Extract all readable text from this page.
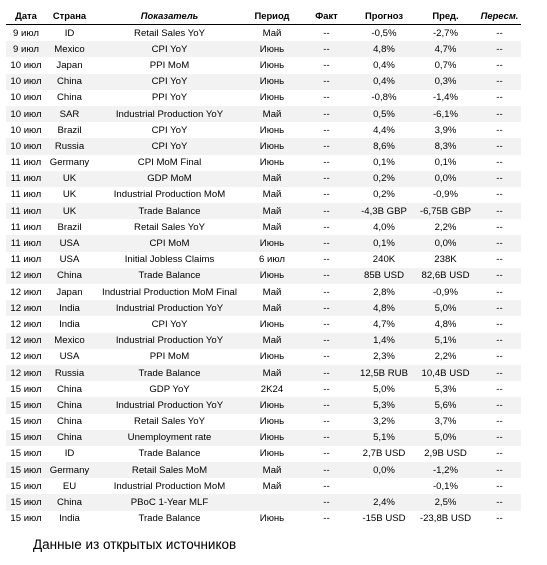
Дата	Страна	Показатель	Период	Факт	Прогноз	Пред.	Пересм.
9 июл	ID	Retail Sales YoY	Май	--	-0,5%	-2,7%	--
9 июл	Mexico	CPI YoY	Июнь	--	4,8%	4,7%	--
10 июл	Japan	PPI MoM	Июнь	--	0,4%	0,7%	--
10 июл	China	CPI YoY	Июнь	--	0,4%	0,3%	--
10 июл	China	PPI YoY	Июнь	--	-0,8%	-1,4%	--
10 июл	SAR	Industrial Production YoY	Май	--	0,5%	-6,1%	--
10 июл	Brazil	CPI YoY	Июнь	--	4,4%	3,9%	--
10 июл	Russia	CPI YoY	Июнь	--	8,6%	8,3%	--
11 июл	Germany	CPI MoM Final	Июнь	--	0,1%	0,1%	--
11 июл	UK	GDP MoM	Май	--	0,2%	0,0%	--
11 июл	UK	Industrial Production MoM	Май	--	0,2%	-0,9%	--
11 июл	UK	Trade Balance	Май	--	-4,3B GBP	-6,75B GBP	--
11 июл	Brazil	Retail Sales YoY	Май	--	4,0%	2,2%	--
11 июл	USA	CPI MoM	Июнь	--	0,1%	0,0%	--
11 июл	USA	Initial Jobless Claims	6 июл	--	240K	238K	--
12 июл	China	Trade Balance	Июнь	--	85B USD	82,6B USD	--
12 июл	Japan	Industrial Production MoM Final	Май	--	2,8%	-0,9%	--
12 июл	India	Industrial Production YoY	Май	--	4,8%	5,0%	--
12 июл	India	CPI YoY	Июнь	--	4,7%	4,8%	--
12 июл	Mexico	Industrial Production YoY	Май	--	1,4%	5,1%	--
12 июл	USA	PPI MoM	Июнь	--	2,3%	2,2%	--
12 июл	Russia	Trade Balance	Май	--	12,5B RUB	10,4B USD	--
15 июл	China	GDP YoY	2K24	--	5,0%	5,3%	--
15 июл	China	Industrial Production YoY	Июнь	--	5,3%	5,6%	--
15 июл	China	Retail Sales YoY	Июнь	--	3,2%	3,7%	--
15 июл	China	Unemployment rate	Июнь	--	5,1%	5,0%	--
15 июл	ID	Trade Balance	Июнь	--	2,7B USD	2,9B USD	--
15 июл	Germany	Retail Sales MoM	Май	--	0,0%	-1,2%	--
15 июл	EU	Industrial Production MoM	Май	--		-0,1%	--
15 июл	China	PBoC 1-Year MLF		--	2,4%	2,5%	--
15 июл	India	Trade Balance	Июнь	--	-15B USD	-23,8B USD	--
Данные из открытых источников
